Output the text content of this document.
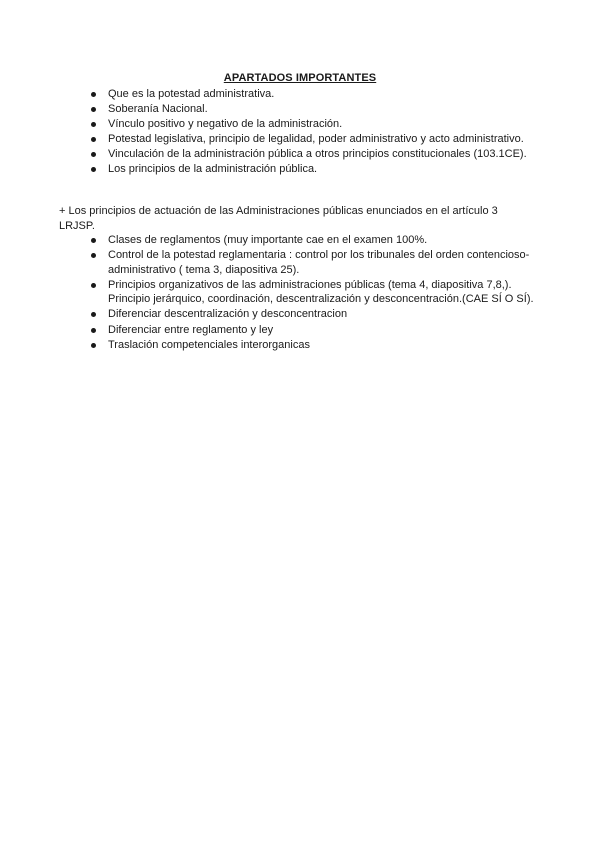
APARTADOS IMPORTANTES
Que es la potestad administrativa.
Soberanía Nacional.
Vínculo positivo y negativo de la administración.
Potestad legislativa, principio de legalidad, poder administrativo y acto administrativo.
Vinculación de la administración pública a otros principios constitucionales (103.1CE).
Los principios de la administración pública.
+ Los principios de actuación de las Administraciones públicas enunciados en el artículo 3 LRJSP.
Clases de reglamentos (muy importante cae en el examen 100%.
Control de la potestad reglamentaria : control por los tribunales del orden contencioso- administrativo ( tema 3, diapositiva 25).
Principios organizativos de las administraciones públicas (tema 4, diapositiva 7,8,). Principio jerárquico, coordinación, descentralización y desconcentración.(CAE SÍ O SÍ).
Diferenciar descentralización y desconcentracion
Diferenciar entre reglamento y ley
Traslación competenciales interorganicas
